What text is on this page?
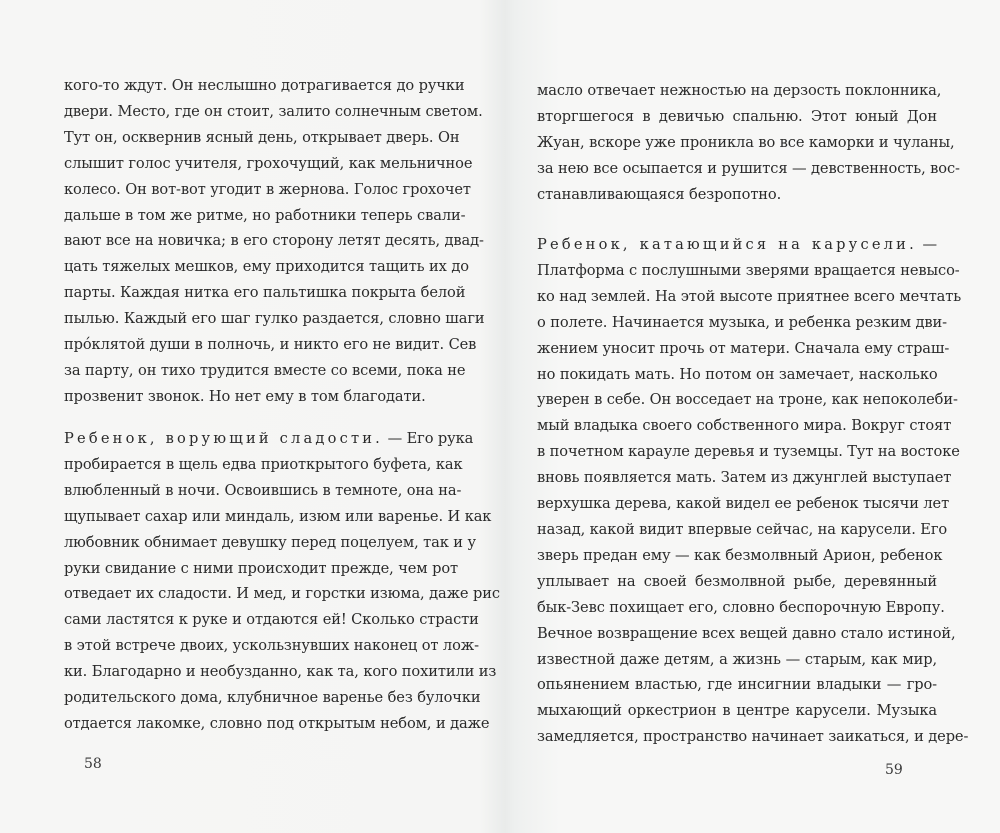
кого-то ждут. Он неслышно дотрагивается до ручки
двери. Место, где он стоит, залито солнечным светом.
Тут он, осквернив ясный день, открывает дверь. Он
слышит голос учителя, грохочущий, как мельничное
колесо. Он вот-вот угодит в жернова. Голос грохочет
дальше в том же ритме, но работники теперь свали-
вают все на новичка; в его сторону летят десять, двад-
цать тяжелых мешков, ему приходится тащить их до
парты. Каждая нитка его пальтишка покрыта белой
пылью. Каждый его шаг гулко раздается, словно шаги
прóклятой души в полночь, и никто его не видит. Сев
за парту, он тихо трудится вместе со всеми, пока не
прозвенит звонок. Но нет ему в том благодати.
Ребенок, ворующий сладости. — Его рука
пробирается в щель едва приоткрытого буфета, как
влюбленный в ночи. Освоившись в темноте, она на-
щупывает сахар или миндаль, изюм или варенье. И как
любовник обнимает девушку перед поцелуем, так и у
руки свидание с ними происходит прежде, чем рот
отведает их сладости. И мед, и горстки изюма, даже рис
сами ластятся к руке и отдаются ей! Сколько страсти
в этой встрече двоих, ускользнувших наконец от лож-
ки. Благодарно и необузданно, как та, кого похитили из
родительского дома, клубничное варенье без булочки
отдается лакомке, словно под открытым небом, и даже
58
масло отвечает нежностью на дерзость поклонника,
вторгшегося в девичью спальню. Этот юный Дон
Жуан, вскоре уже проникла во все каморки и чуланы,
за нею все осыпается и рушится — девственность, вос-
станавливающаяся безропотно.
Ребенок, катающийся на карусели. —
Платформа с послушными зверями вращается невысо-
ко над землей. На этой высоте приятнее всего мечтать
о полете. Начинается музыка, и ребенка резким дви-
жением уносит прочь от матери. Сначала ему страш-
но покидать мать. Но потом он замечает, насколько
уверен в себе. Он восседает на троне, как непоколеби-
мый владыка своего собственного мира. Вокруг стоят
в почетном карауле деревья и туземцы. Тут на востоке
вновь появляется мать. Затем из джунглей выступает
верхушка дерева, какой видел ее ребенок тысячи лет
назад, какой видит впервые сейчас, на карусели. Его
зверь предан ему — как безмолвный Арион, ребенок
уплывает на своей безмолвной рыбе, деревянный
бык-Зевс похищает его, словно беспорочную Европу.
Вечное возвращение всех вещей давно стало истиной,
известной даже детям, а жизнь — старым, как мир,
опьянением властью, где инсигнии владыки — гро-
мыхающий оркестрион в центре карусели. Музыка
замедляется, пространство начинает заикаться, и дере-
59
